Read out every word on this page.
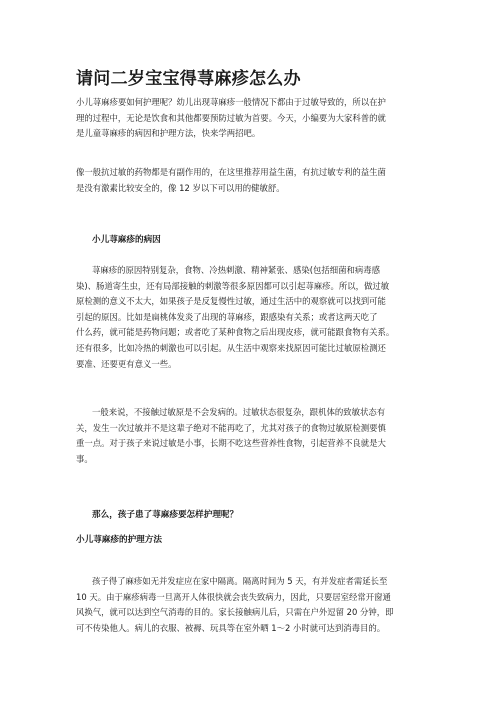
请问二岁宝宝得荨麻疹怎么办

小儿荨麻疹要如何护理呢？幼儿出现荨麻疹一般情况下都由于过敏导致的，所以在护
理的过程中，无论是饮食和其他都要预防过敏为首要。今天，小编要为大家科普的就
是儿童荨麻疹的病因和护理方法，快来学两招吧。

像一般抗过敏的药物都是有副作用的，在这里推荐用益生菌，有抗过敏专利的益生菌
是没有激素比较安全的，像 12 岁以下可以用的健敏舒。

小儿荨麻疹的病因

荨麻疹的原因特别复杂，食物、冷热刺激、精神紧张、感染(包括细菌和病毒感
染)、肠道寄生虫，还有局部接触的刺激等很多原因都可以引起荨麻疹。所以，做过敏
原检测的意义不太大，如果孩子是反复慢性过敏，通过生活中的观察就可以找到可能
引起的原因。比如是扁桃体发炎了出现的荨麻疹，跟感染有关系；或者这两天吃了
什么药，就可能是药物问题；或者吃了某种食物之后出现皮疹，就可能跟食物有关系。
还有很多，比如冷热的刺激也可以引起。从生活中观察来找原因可能比过敏原检测还
要准、还要更有意义一些。

一般来说，不接触过敏原是不会发病的。过敏状态很复杂，跟机体的致敏状态有
关，发生一次过敏并不是这辈子绝对不能再吃了，尤其对孩子的食物过敏原检测要慎
重一点。对于孩子来说过敏是小事，长期不吃这些营养性食物，引起营养不良就是大
事。

那么，孩子患了荨麻疹要怎样护理呢？
小儿荨麻疹的护理方法

孩子得了麻疹如无并发症应在家中隔离。隔离时间为 5 天，有并发症者需延长至
10 天。由于麻疹病毒一旦离开人体很快就会丧失致病力，因此，只要居室经常开窗通
风换气，就可以达到空气消毒的目的。家长接触病儿后，只需在户外逗留 20 分钟，即
可不传染他人。病儿的衣服、被褥、玩具等在室外晒 1～2 小时就可达到消毒目的。
